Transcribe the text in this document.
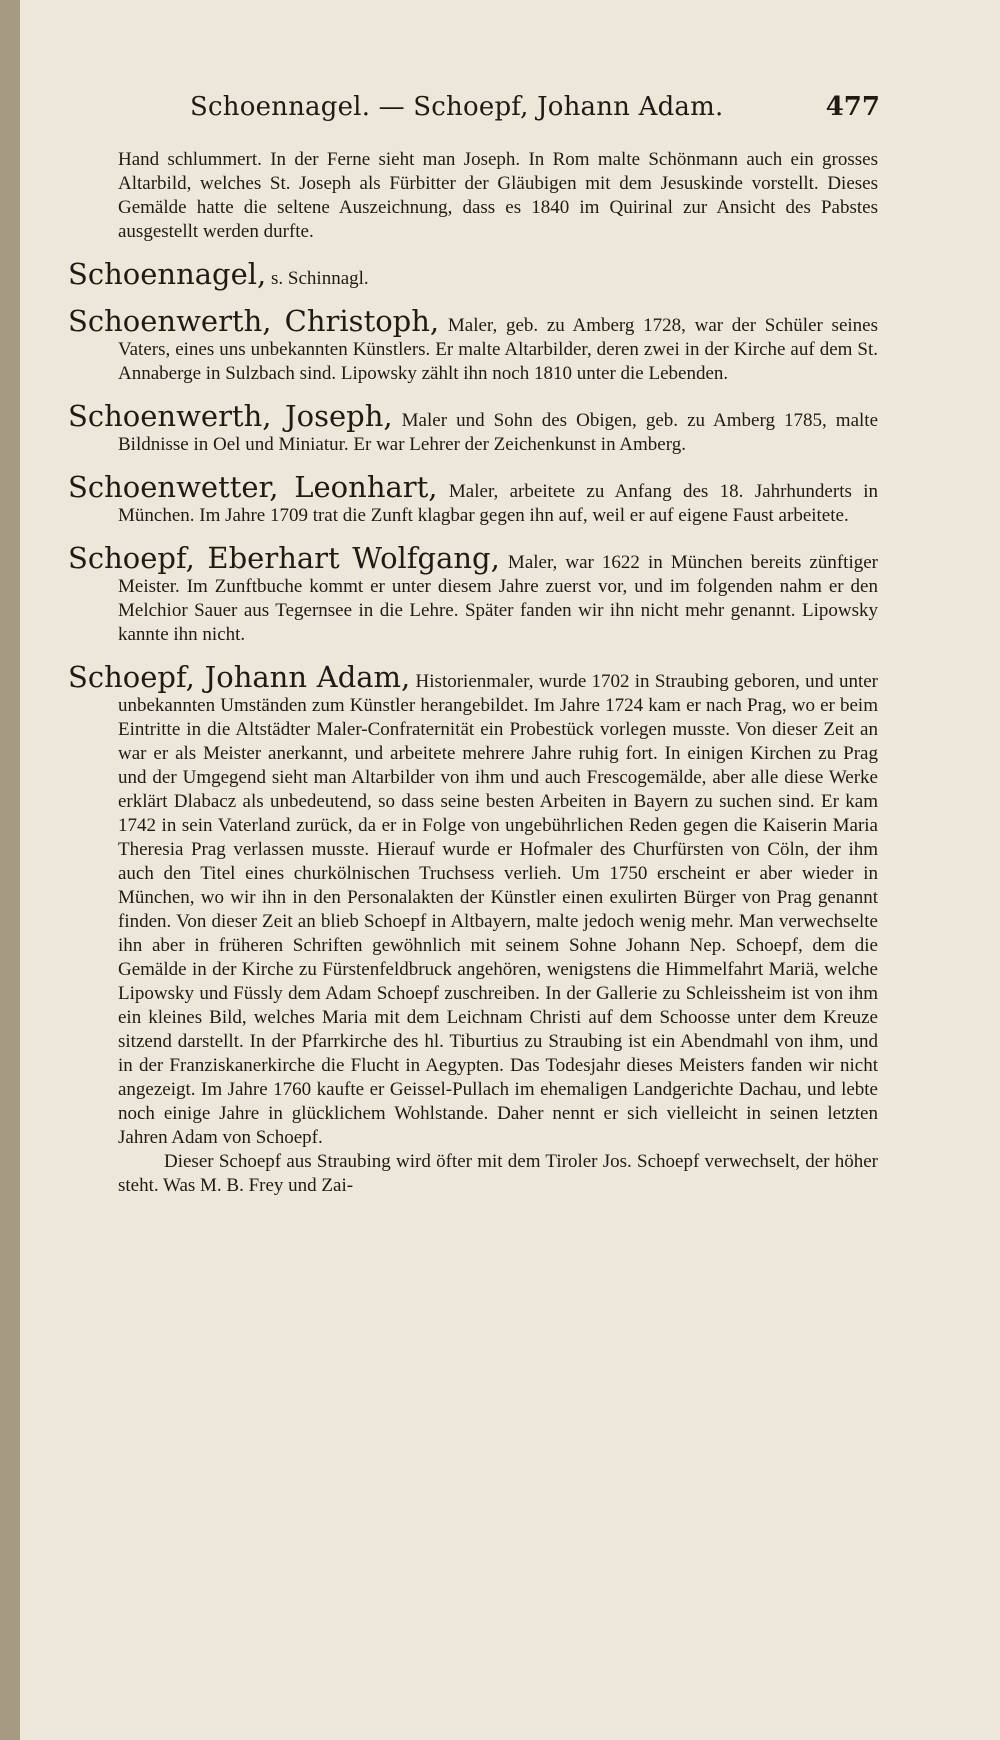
Schoennagel. — Schoepf, Johann Adam.	477

Hand schlummert. In der Ferne sieht man Joseph. In Rom malte Schönmann auch ein grosses Altarbild, welches St. Joseph als Fürbitter der Gläubigen mit dem Jesuskinde vorstellt. Dieses Gemälde hatte die seltene Auszeichnung, dass es 1840 im Quirinal zur Ansicht des Pabstes ausgestellt werden durfte.

Schoennagel, s. Schinnagl.
Schoenwerth, Christoph, Maler, geb. zu Amberg 1728, war der Schüler seines Vaters, eines uns unbekannten Künstlers. Er malte Altarbilder, deren zwei in der Kirche auf dem St. Annaberge in Sulzbach sind. Lipowsky zählt ihn noch 1810 unter die Lebenden.
Schoenwerth, Joseph, Maler und Sohn des Obigen, geb. zu Amberg 1785, malte Bildnisse in Oel und Miniatur. Er war Lehrer der Zeichenkunst in Amberg.
Schoenwetter, Leonhart, Maler, arbeitete zu Anfang des 18. Jahrhunderts in München. Im Jahre 1709 trat die Zunft klagbar gegen ihn auf, weil er auf eigene Faust arbeitete.
Schoepf, Eberhart Wolfgang, Maler, war 1622 in München bereits zünftiger Meister. Im Zunftbuche kommt er unter diesem Jahre zuerst vor, und im folgenden nahm er den Melchior Sauer aus Tegernsee in die Lehre. Später fanden wir ihn nicht mehr genannt. Lipowsky kannte ihn nicht.
Schoepf, Johann Adam, Historienmaler, wurde 1702 in Straubing geboren, und unter unbekannten Umständen zum Künstler herangebildet. Im Jahre 1724 kam er nach Prag, wo er beim Eintritte in die Altstädter Maler-Confraternität ein Probestück vorlegen musste. Von dieser Zeit an war er als Meister anerkannt, und arbeitete mehrere Jahre ruhig fort. In einigen Kirchen zu Prag und der Umgegend sieht man Altarbilder von ihm und auch Frescogemälde, aber alle diese Werke erklärt Dlabacz als unbedeutend, so dass seine besten Arbeiten in Bayern zu suchen sind. Er kam 1742 in sein Vaterland zurück, da er in Folge von ungebührlichen Reden gegen die Kaiserin Maria Theresia Prag verlassen musste. Hierauf wurde er Hofmaler des Churfürsten von Cöln, der ihm auch den Titel eines churkölnischen Truchsess verlieh. Um 1750 erscheint er aber wieder in München, wo wir ihn in den Personalakten der Künstler einen exulirten Bürger von Prag genannt finden. Von dieser Zeit an blieb Schoepf in Altbayern, malte jedoch wenig mehr. Man verwechselte ihn aber in früheren Schriften gewöhnlich mit seinem Sohne Johann Nep. Schoepf, dem die Gemälde in der Kirche zu Fürstenfeldbruck angehören, wenigstens die Himmelfahrt Mariä, welche Lipowsky und Füssly dem Adam Schoepf zuschreiben. In der Gallerie zu Schleissheim ist von ihm ein kleines Bild, welches Maria mit dem Leichnam Christi auf dem Schoosse unter dem Kreuze sitzend darstellt. In der Pfarrkirche des hl. Tiburtius zu Straubing ist ein Abendmahl von ihm, und in der Franziskanerkirche die Flucht in Aegypten. Das Todesjahr dieses Meisters fanden wir nicht angezeigt. Im Jahre 1760 kaufte er Geissel-Pullach im ehemaligen Landgerichte Dachau, und lebte noch einige Jahre in glücklichem Wohlstande. Daher nennt er sich vielleicht in seinen letzten Jahren Adam von Schoepf.

Dieser Schoepf aus Straubing wird öfter mit dem Tiroler Jos. Schoepf verwechselt, der höher steht. Was M. B. Frey und Zai-
